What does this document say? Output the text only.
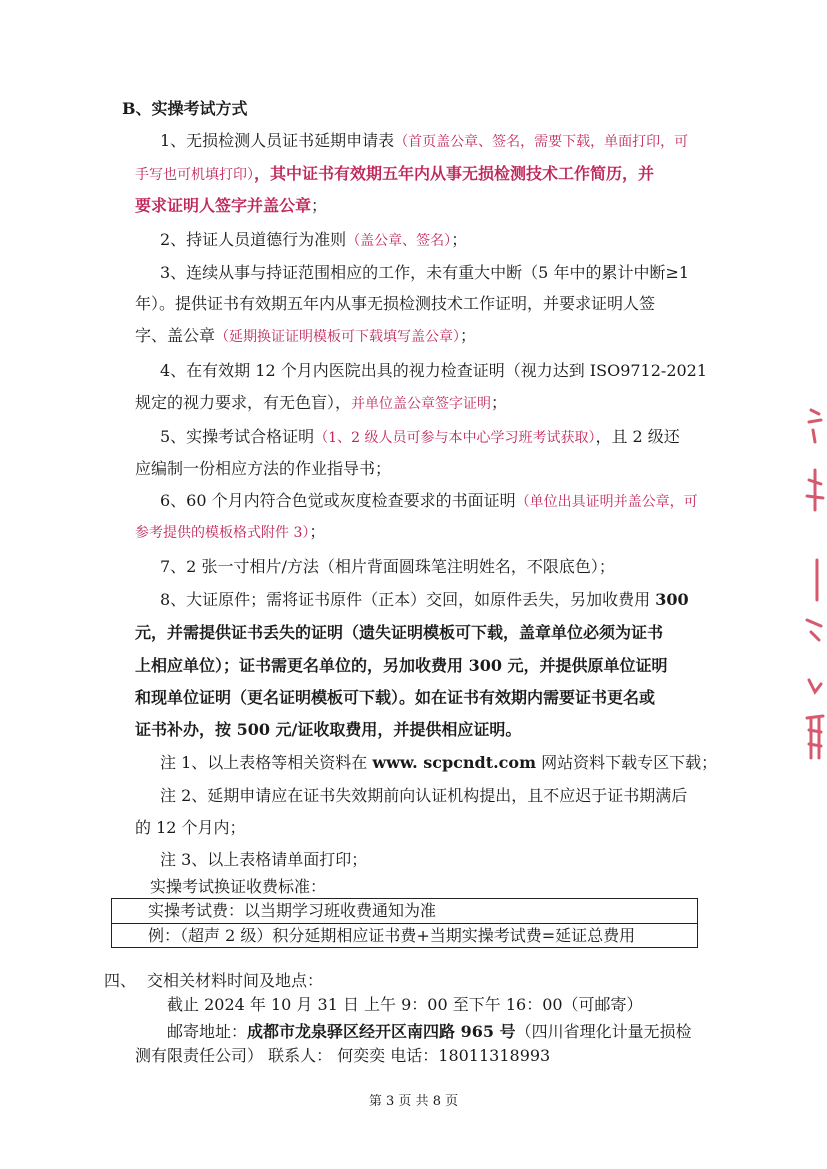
B、实操考试方式
1、无损检测人员证书延期申请表（首页盖公章、签名，需要下载，单面打印，可
手写也可机填打印），其中证书有效期五年内从事无损检测技术工作简历，并
要求证明人签字并盖公章；
2、持证人员道德行为准则（盖公章、签名）；
3、连续从事与持证范围相应的工作，未有重大中断（5 年中的累计中断≥1
年）。提供证书有效期五年内从事无损检测技术工作证明，并要求证明人签
字、盖公章（延期换证证明模板可下载填写盖公章）；
4、在有效期 12 个月内医院出具的视力检查证明（视力达到 ISO9712-2021
规定的视力要求，有无色盲），并单位盖公章签字证明；
5、实操考试合格证明（1、2 级人员可参与本中心学习班考试获取），且 2 级还
应编制一份相应方法的作业指导书；
6、60 个月内符合色觉或灰度检查要求的书面证明（单位出具证明并盖公章，可
参考提供的模板格式附件 3）；
7、2 张一寸相片/方法（相片背面圆珠笔注明姓名，不限底色）；
8、大证原件；需将证书原件（正本）交回，如原件丢失，另加收费用 300
元，并需提供证书丢失的证明（遗失证明模板可下载，盖章单位必须为证书
上相应单位）；证书需更名单位的，另加收费用 300 元，并提供原单位证明
和现单位证明（更名证明模板可下载）。如在证书有效期内需要证书更名或
证书补办，按 500 元/证收取费用，并提供相应证明。
注 1、以上表格等相关资料在 www. scpcndt.com 网站资料下载专区下载；
注 2、延期申请应在证书失效期前向认证机构提出，且不应迟于证书期满后
的 12 个月内；
注 3、以上表格请单面打印；
实操考试换证收费标准：
实操考试费：以当期学习班收费通知为准
例：（超声 2 级）积分延期相应证书费+当期实操考试费=延证总费用
四、 交相关材料时间及地点：
截止 2024 年 10 月 31 日 上午 9：00 至下午 16：00（可邮寄）
邮寄地址：成都市龙泉驿区经开区南四路 965 号（四川省理化计量无损检
测有限责任公司） 联系人： 何奕奕 电话：18011318993
第 3 页 共 8 页
